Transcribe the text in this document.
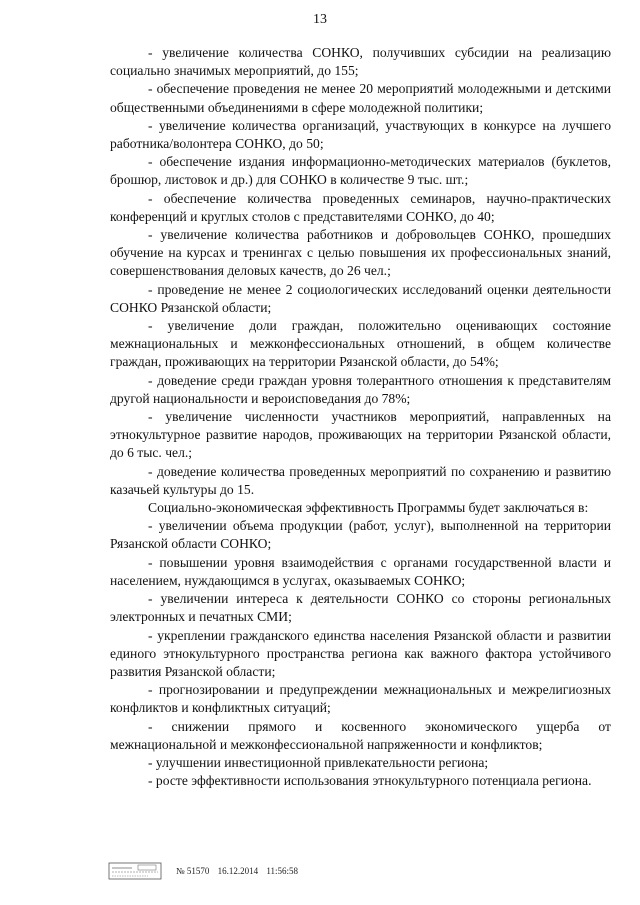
13

- увеличение количества СОНКО, получивших субсидии на реализацию социально значимых мероприятий, до 155;

- обеспечение проведения не менее 20 мероприятий молодежными и детскими общественными объединениями в сфере молодежной политики;

- увеличение количества организаций, участвующих в конкурсе на лучшего работника/волонтера СОНКО, до 50;

- обеспечение издания информационно-методических материалов (буклетов, брошюр, листовок и др.) для СОНКО в количестве 9 тыс. шт.;

- обеспечение количества проведенных семинаров, научно-практических конференций и круглых столов с представителями СОНКО, до 40;

- увеличение количества работников и добровольцев СОНКО, прошедших обучение на курсах и тренингах с целью повышения их профессиональных знаний, совершенствования деловых качеств, до 26 чел.;

- проведение не менее 2 социологических исследований оценки деятельности СОНКО Рязанской области;

- увеличение доли граждан, положительно оценивающих состояние межнациональных и межконфессиональных отношений, в общем количестве граждан, проживающих на территории Рязанской области, до 54%;

- доведение среди граждан уровня толерантного отношения к представителям другой национальности и вероисповедания до 78%;

- увеличение численности участников мероприятий, направленных на этнокультурное развитие народов, проживающих на территории Рязанской области, до 6 тыс. чел.;

- доведение количества проведенных мероприятий по сохранению и развитию казачьей культуры до 15.

Социально-экономическая эффективность Программы будет заключаться в:

- увеличении объема продукции (работ, услуг), выполненной на территории Рязанской области СОНКО;

- повышении уровня взаимодействия с органами государственной власти и населением, нуждающимся в услугах, оказываемых СОНКО;

- увеличении интереса к деятельности СОНКО со стороны региональных электронных и печатных СМИ;

- укреплении гражданского единства населения Рязанской области и развитии единого этнокультурного пространства региона как важного фактора устойчивого развития Рязанской области;

- прогнозировании и предупреждении межнациональных и межрелигиозных конфликтов и конфликтных ситуаций;

- снижении прямого и косвенного экономического ущерба от межнациональной и межконфессиональной напряженности и конфликтов;

- улучшении инвестиционной привлекательности региона;

- росте эффективности использования этнокультурного потенциала региона.

№ 51570 16.12.2014 11:56:58
